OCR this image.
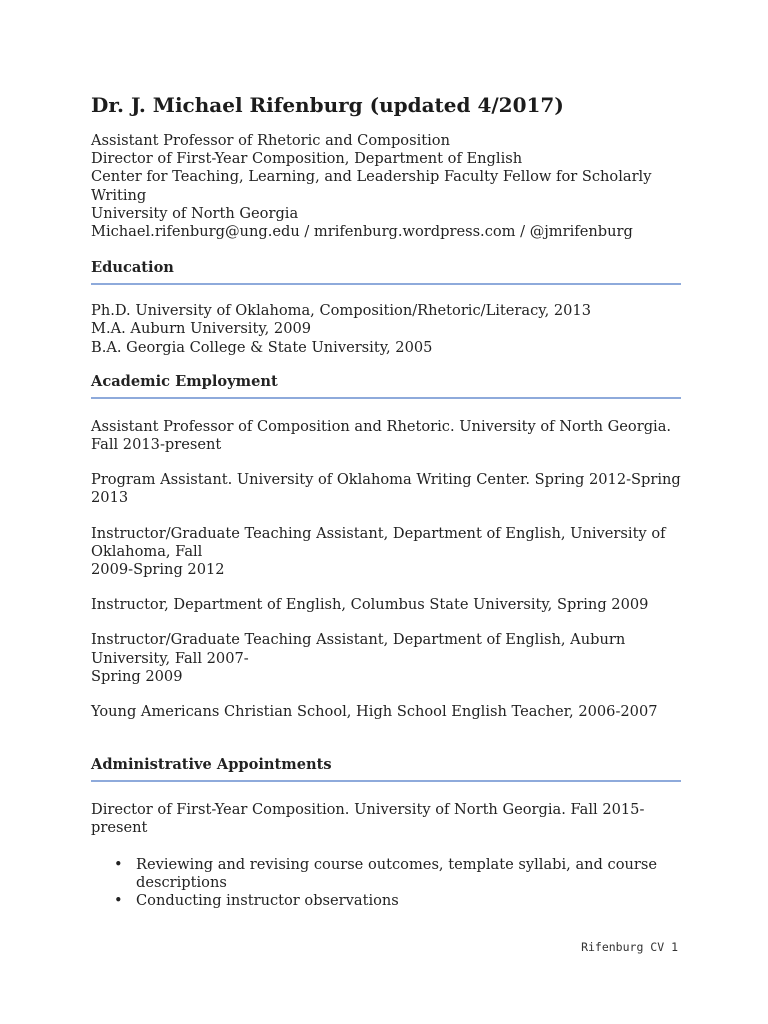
Dr. J. Michael Rifenburg (updated 4/2017)

Assistant Professor of Rhetoric and Composition

Director of First-Year Composition, Department of English

Center for Teaching, Learning, and Leadership Faculty Fellow for Scholarly Writing

University of North Georgia

Michael.rifenburg@ung.edu / mrifenburg.wordpress.com / @jmrifenburg

Education

Ph.D. University of Oklahoma, Composition/Rhetoric/Literacy, 2013

M.A. Auburn University, 2009

B.A. Georgia College & State University, 2005

Academic Employment

Assistant Professor of Composition and Rhetoric. University of North Georgia. Fall 2013-present

Program Assistant. University of Oklahoma Writing Center. Spring 2012-Spring 2013

Instructor/Graduate Teaching Assistant, Department of English, University of Oklahoma, Fall

2009-Spring 2012

Instructor, Department of English, Columbus State University, Spring 2009

Instructor/Graduate Teaching Assistant, Department of English, Auburn University, Fall 2007-

Spring 2009

Young Americans Christian School, High School English Teacher, 2006-2007

Administrative Appointments

Director of First-Year Composition. University of North Georgia. Fall 2015-present

• Reviewing and revising course outcomes, template syllabi, and course descriptions
• Conducting instructor observations
Rifenburg CV 1
